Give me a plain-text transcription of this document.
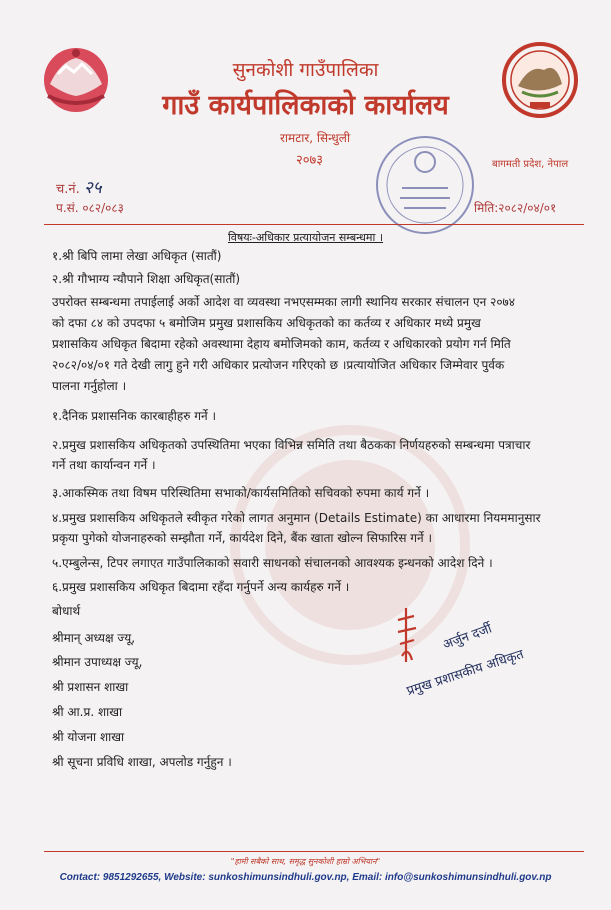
सुनकोशी गाउँपालिका
गाउँ कार्यपालिकाको कार्यालय
रामटार, सिन्धुली
२०७३	बागमती प्रदेश, नेपाल
च.नं. २५
प.सं. ०८२/०८३	मिति:२०८२/०४/०१
विषयः-अधिकार प्रत्यायोजन सम्बन्धमा ।
१.श्री बिपि लामा लेखा अधिकृत (सातौं)
२.श्री गौभाग्य न्यौपाने शिक्षा अधिकृत(सातौं)
उपरोक्त सम्बन्धमा तपाईलाई अर्को आदेश वा व्यवस्था नभएसम्मका लागी स्थानिय सरकार संचालन एन २०७४
को दफा ८४ को उपदफा ५ बमोजिम प्रमुख प्रशासकिय अधिकृतको का कर्तव्य र अधिकार मध्ये प्रमुख
प्रशासकिय अधिकृत बिदामा रहेको अवस्थामा देहाय बमोजिमको काम, कर्तव्य र अधिकारको प्रयोग गर्न मिति
२०८२/०४/०१ गते देखी लागु हुने गरी अधिकार प्रत्योजन गरिएको छ ।प्रत्यायोजित अधिकार जिम्मेवार पुर्वक
पालना गर्नुहोला ।
१.दैनिक प्रशासनिक कारबाहीहरु गर्ने ।
२.प्रमुख प्रशासकिय अधिकृतको उपस्थितिमा भएका विभिन्न समिति तथा बैठकका निर्णयहरुको सम्बन्धमा पत्राचार
गर्ने तथा कार्यान्वन गर्ने ।
३.आकस्मिक तथा विषम परिस्थितिमा सभाको/कार्यसमितिको सचिवको रुपमा कार्य गर्ने ।
४.प्रमुख प्रशासकिय अधिकृतले स्वीकृत गरेको लागत अनुमान (Details Estimate) का आधारमा नियममानुसार
प्रकृया पुगेको योजनाहरुको सम्झौता गर्ने, कार्यदेश दिने, बैंक खाता खोल्न सिफारिस गर्ने ।
५.एम्बुलेन्स, टिपर लगाएत गाउँपालिकाको सवारी साधनको संचालनको आवश्यक इन्धनको आदेश दिने ।
६.प्रमुख प्रशासकिय अधिकृत बिदामा रहँदा गर्नुपर्ने अन्य कार्यहरु गर्ने ।
बोधार्थ
श्रीमान् अध्यक्ष ज्यू,
श्रीमान उपाध्यक्ष ज्यू,
श्री प्रशासन शाखा
श्री आ.प्र. शाखा
श्री योजना शाखा
श्री सूचना प्रविधि शाखा, अपलोड गर्नुहुन ।
अर्जुन दर्जी
प्रमुख प्रशासकीय अधिकृत
"हामी सबैको साथ, समृद्ध सुनकोशी हाम्रो अभियान"
Contact: 9851292655, Website: sunkoshimunsindhuli.gov.np, Email: info@sunkoshimunsindhuli.gov.np
